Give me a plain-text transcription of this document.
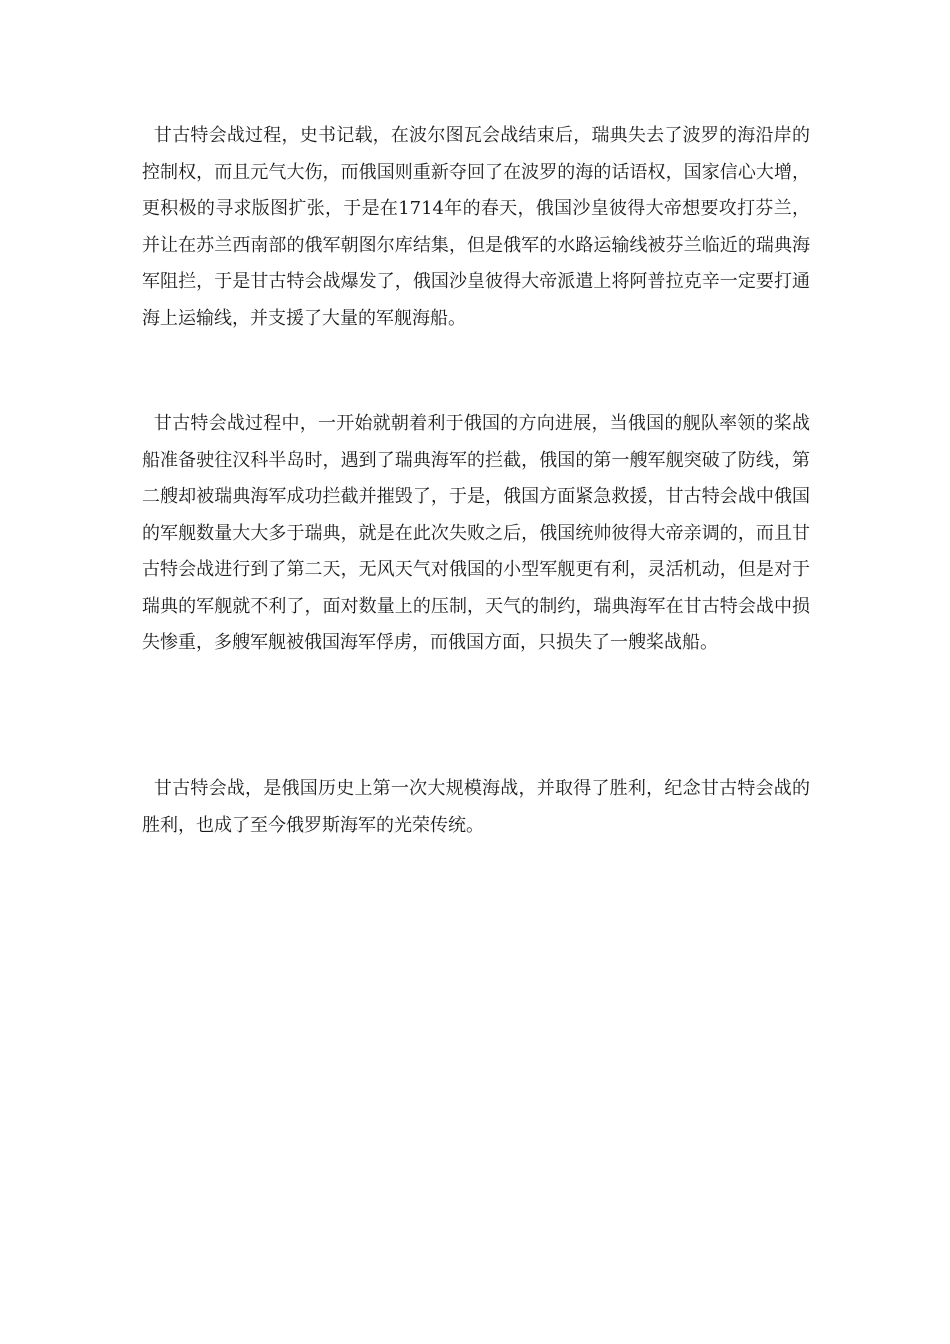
甘古特会战过程，史书记载，在波尔图瓦会战结束后，瑞典失去了波罗的海沿岸的控制权，而且元气大伤，而俄国则重新夺回了在波罗的海的话语权，国家信心大增，更积极的寻求版图扩张，于是在1714年的春天，俄国沙皇彼得大帝想要攻打芬兰，并让在苏兰西南部的俄军朝图尔库结集，但是俄军的水路运输线被芬兰临近的瑞典海军阻拦，于是甘古特会战爆发了，俄国沙皇彼得大帝派遣上将阿普拉克辛一定要打通海上运输线，并支援了大量的军舰海船。

甘古特会战过程中，一开始就朝着利于俄国的方向进展，当俄国的舰队率领的桨战船准备驶往汉科半岛时，遇到了瑞典海军的拦截，俄国的第一艘军舰突破了防线，第二艘却被瑞典海军成功拦截并摧毁了，于是，俄国方面紧急救援，甘古特会战中俄国的军舰数量大大多于瑞典，就是在此次失败之后，俄国统帅彼得大帝亲调的，而且甘古特会战进行到了第二天，无风天气对俄国的小型军舰更有利，灵活机动，但是对于瑞典的军舰就不利了，面对数量上的压制，天气的制约，瑞典海军在甘古特会战中损失惨重，多艘军舰被俄国海军俘虏，而俄国方面，只损失了一艘桨战船。

甘古特会战，是俄国历史上第一次大规模海战，并取得了胜利，纪念甘古特会战的胜利，也成了至今俄罗斯海军的光荣传统。
